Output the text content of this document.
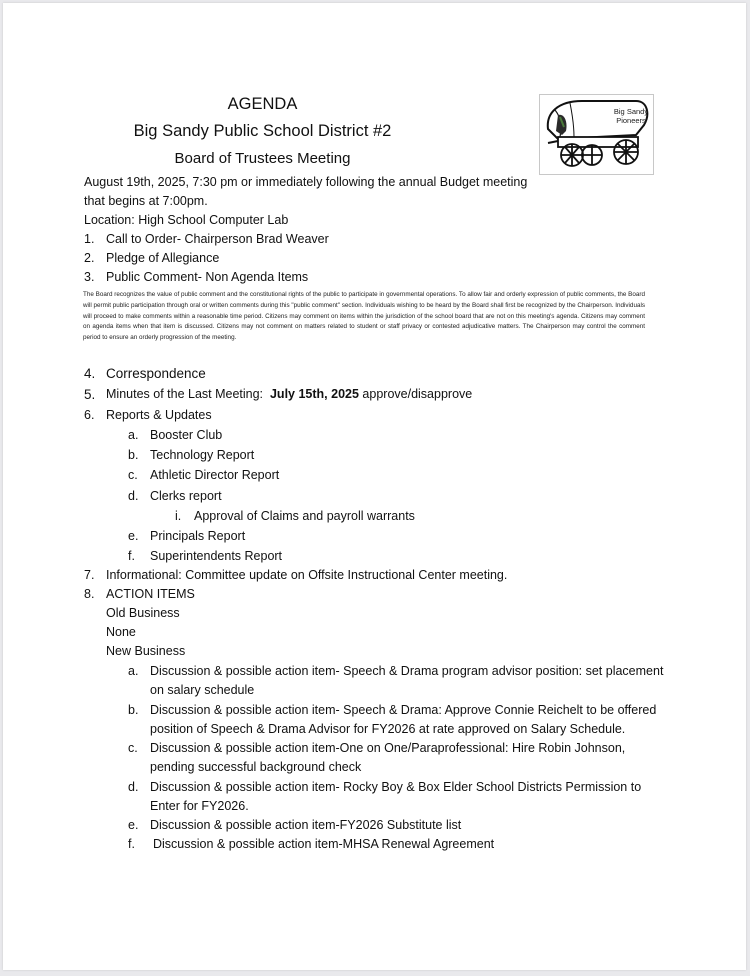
AGENDA
Big Sandy Public School District #2
Board of Trustees Meeting
Big Sandy
Pioneers
August 19th, 2025, 7:30 pm or immediately following the annual Budget meeting
that begins at 7:00pm.
Location: High School Computer Lab
1. Call to Order- Chairperson Brad Weaver
2. Pledge of Allegiance
3. Public Comment- Non Agenda Items
The Board recognizes the value of public comment and the constitutional rights of the public to participate in governmental operations. To allow fair and orderly expression of public comments, the Board will permit public participation through oral or written comments during this "public comment" section. Individuals wishing to be heard by the Board shall first be recognized by the Chairperson. Individuals will proceed to make comments within a reasonable time period. Citizens may comment on items within the jurisdiction of the school board that are not on this meeting's agenda. Citizens may comment on agenda items when that item is discussed. Citizens may not comment on matters related to student or staff privacy or contested adjudicative matters. The Chairperson may control the comment period to ensure an orderly progression of the meeting.
4. Correspondence
5. Minutes of the Last Meeting: July 15th, 2025 approve/disapprove
6. Reports & Updates
a. Booster Club
b. Technology Report
c. Athletic Director Report
d. Clerks report
i. Approval of Claims and payroll warrants
e. Principals Report
f. Superintendents Report
7. Informational: Committee update on Offsite Instructional Center meeting.
8. ACTION ITEMS
Old Business
None
New Business
a. Discussion & possible action item- Speech & Drama program advisor position: set placement
on salary schedule
b. Discussion & possible action item- Speech & Drama: Approve Connie Reichelt to be offered
position of Speech & Drama Advisor for FY2026 at rate approved on Salary Schedule.
c. Discussion & possible action item-One on One/Paraprofessional: Hire Robin Johnson,
pending successful background check
d. Discussion & possible action item- Rocky Boy & Box Elder School Districts Permission to
Enter for FY2026.
e. Discussion & possible action item-FY2026 Substitute list
f. Discussion & possible action item-MHSA Renewal Agreement
